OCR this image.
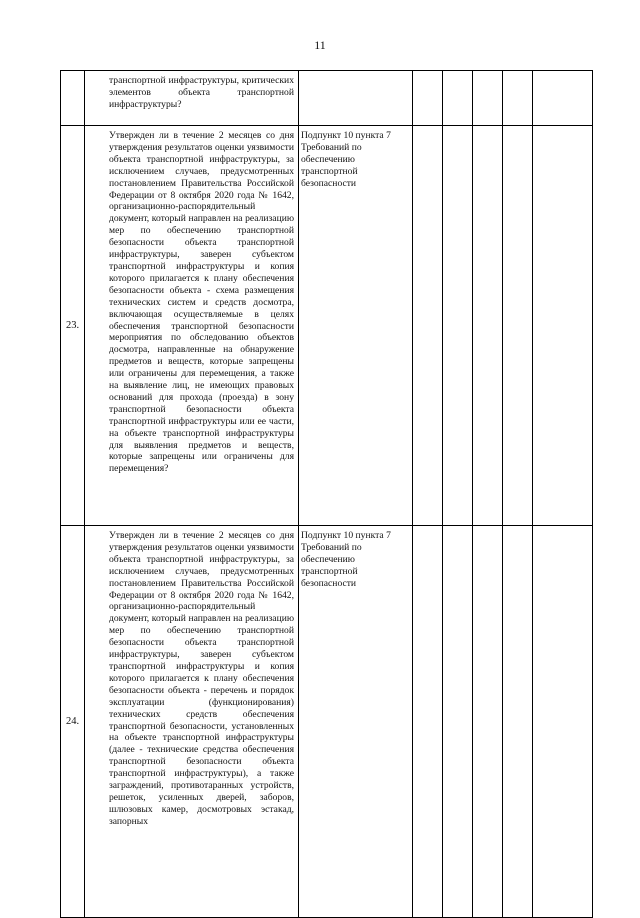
11

	транспортной инфраструктуры, критических элементов объекта транспортной инфраструктуры?						

23.	Утвержден ли в течение 2 месяцев со дня утверждения результатов оценки уязвимости объекта транспортной инфраструктуры, за исключением случаев, предусмотренных постановлением Правительства Российской Федерации от 8 октября 2020 года № 1642, организационно-распорядительный документ, который направлен на реализацию мер по обеспечению транспортной безопасности объекта транспортной инфраструктуры, заверен субъектом транспортной инфраструктуры и копия которого прилагается к плану обеспечения безопасности объекта - схема размещения технических систем и средств досмотра, включающая осуществляемые в целях обеспечения транспортной безопасности мероприятия по обследованию объектов досмотра, направленные на обнаружение предметов и веществ, которые запрещены или ограничены для перемещения, а также на выявление лиц, не имеющих правовых оснований для прохода (проезда) в зону транспортной безопасности объекта транспортной инфраструктуры или ее части, на объекте транспортной инфраструктуры для выявления предметов и веществ, которые запрещены или ограничены для перемещения?	Подпункт 10 пункта 7 Требований по обеспечению транспортной безопасности					
24.	Утвержден ли в течение 2 месяцев со дня утверждения результатов оценки уязвимости объекта транспортной инфраструктуры, за исключением случаев, предусмотренных постановлением Правительства Российской Федерации от 8 октября 2020 года № 1642, организационно-распорядительный документ, который направлен на реализацию мер по обеспечению транспортной безопасности объекта транспортной инфраструктуры, заверен субъектом транспортной инфраструктуры и копия которого прилагается к плану обеспечения безопасности объекта - перечень и порядок эксплуатации (функционирования) технических средств обеспечения транспортной безопасности, установленных на объекте транспортной инфраструктуры (далее - технические средства обеспечения транспортной безопасности объекта транспортной инфраструктуры), а также заграждений, противотаранных устройств, решеток, усиленных дверей, заборов, шлюзовых камер, досмотровых эстакад, запорных	Подпункт 10 пункта 7 Требований по обеспечению транспортной безопасности					
